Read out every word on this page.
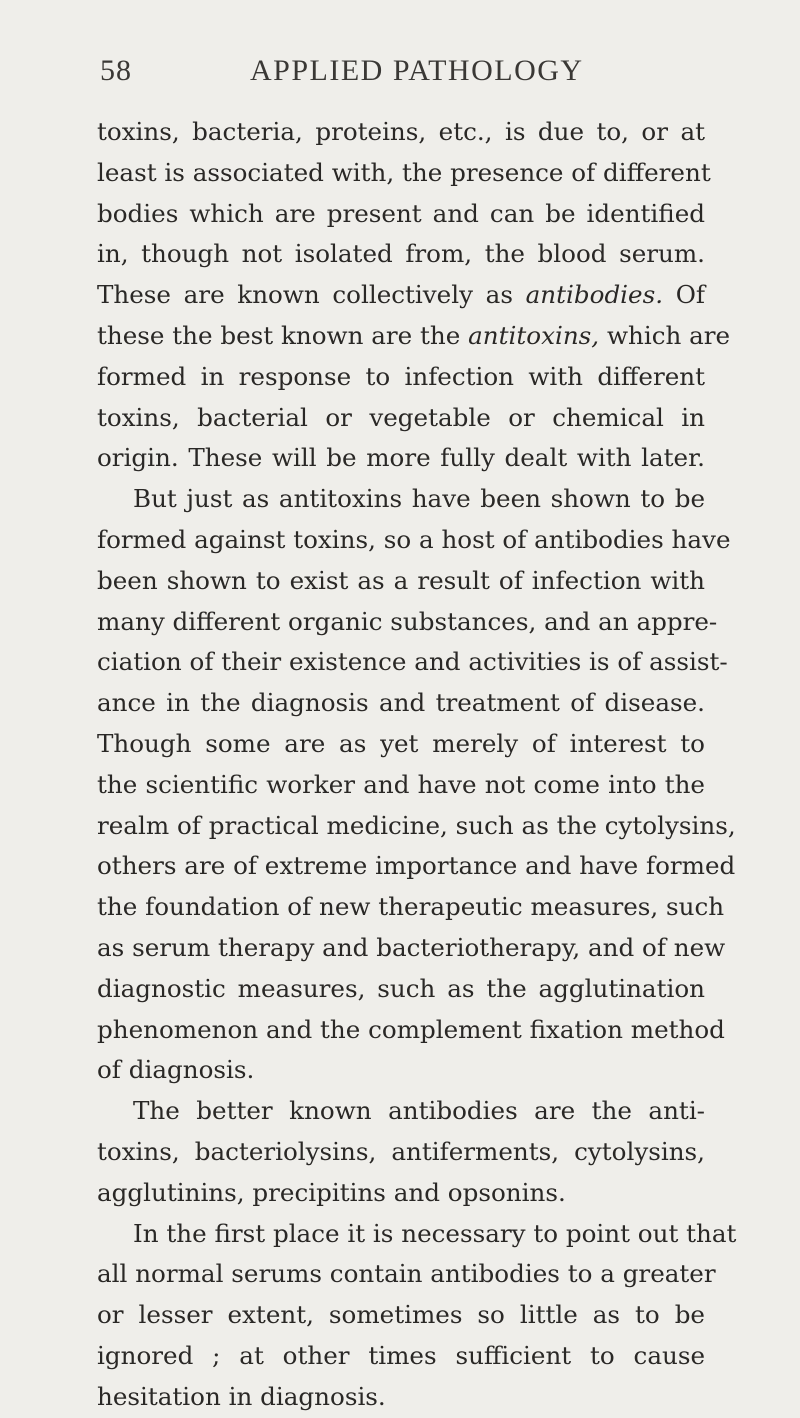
58	APPLIED PATHOLOGY
toxins, bacteria, proteins, etc., is due to, or at
least is associated with, the presence of different
bodies which are present and can be identified
in, though not isolated from, the blood serum.
These are known collectively as antibodies. Of
these the best known are the antitoxins, which are
formed in response to infection with different
toxins, bacterial or vegetable or chemical in
origin. These will be more fully dealt with later.
But just as antitoxins have been shown to be
formed against toxins, so a host of antibodies have
been shown to exist as a result of infection with
many different organic substances, and an appre-
ciation of their existence and activities is of assist-
ance in the diagnosis and treatment of disease.
Though some are as yet merely of interest to
the scientific worker and have not come into the
realm of practical medicine, such as the cytolysins,
others are of extreme importance and have formed
the foundation of new therapeutic measures, such
as serum therapy and bacteriotherapy, and of new
diagnostic measures, such as the agglutination
phenomenon and the complement fixation method
of diagnosis.
The better known antibodies are the anti-
toxins, bacteriolysins, antiferments, cytolysins,
agglutinins, precipitins and opsonins.
In the first place it is necessary to point out that
all normal serums contain antibodies to a greater
or lesser extent, sometimes so little as to be
ignored ; at other times sufficient to cause
hesitation in diagnosis.
